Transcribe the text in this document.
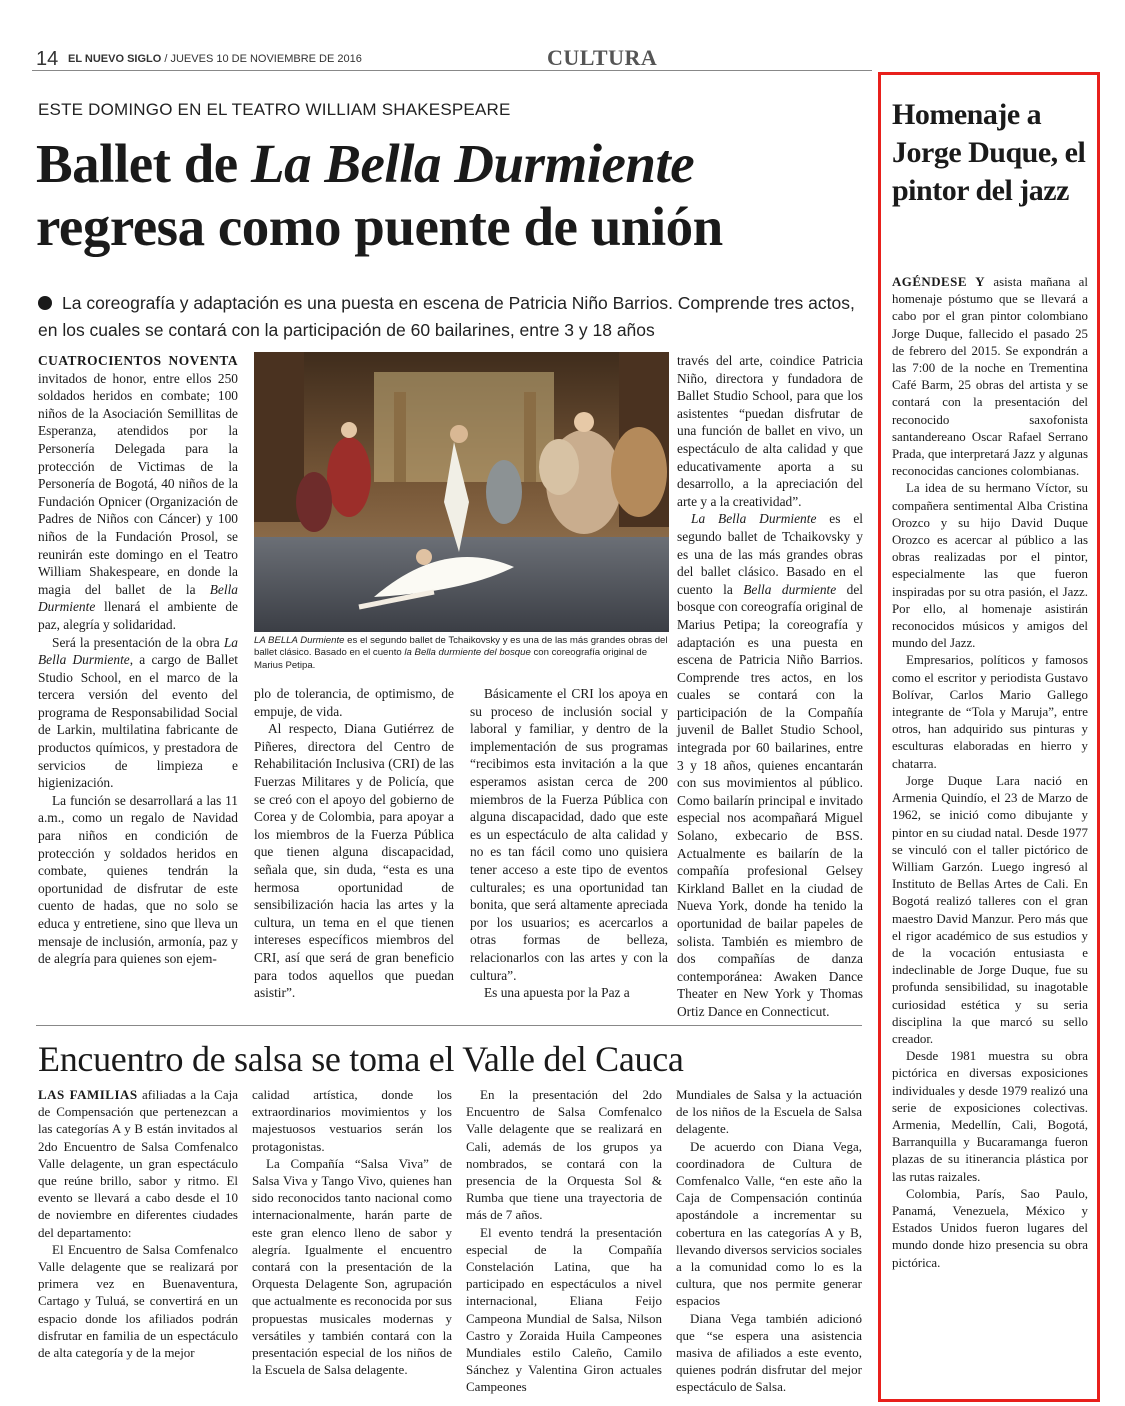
14 EL NUEVO SIGLO / JUEVES 10 DE NOVIEMBRE DE 2016	CULTURA
ESTE DOMINGO EN EL TEATRO WILLIAM SHAKESPEARE
Ballet de La Bella Durmiente
regresa como puente de unión
La coreografía y adaptación es una puesta en escena de Patricia Niño Barrios. Comprende tres actos, en los cuales se contará con la participación de 60 bailarines, entre 3 y 18 años

CUATROCIENTOS NOVENTA invitados de honor, entre ellos 250 soldados heridos en combate; 100 niños de la Asociación Semillitas de Esperanza, atendidos por la Personería Delegada para la protección de Victimas de la Personería de Bogotá, 40 niños de la Fundación Opnicer (Organización de Padres de Niños con Cáncer) y 100 niños de la Fundación Prosol, se reunirán este domingo en el Teatro William Shakespeare, en donde la magia del ballet de la Bella Durmiente llenará el ambiente de paz, alegría y solidaridad.

Será la presentación de la obra La Bella Durmiente, a cargo de Ballet Studio School, en el marco de la tercera versión del evento del programa de Responsabilidad Social de Larkin, multilatina fabricante de productos químicos, y prestadora de servicios de limpieza e higienización.

La función se desarrollará a las 11 a.m., como un regalo de Navidad para niños en condición de protección y soldados heridos en combate, quienes tendrán la oportunidad de disfrutar de este cuento de hadas, que no solo se educa y entretiene, sino que lleva un mensaje de inclusión, armonía, paz y de alegría para quienes son ejem-

LA BELLA Durmiente es el segundo ballet de Tchaikovsky y es una de las más grandes obras del ballet clásico. Basado en el cuento la Bella durmiente del bosque con coreografía original de Marius Petipa.

plo de tolerancia, de optimismo, de empuje, de vida.

Al respecto, Diana Gutiérrez de Piñeres, directora del Centro de Rehabilitación Inclusiva (CRI) de las Fuerzas Militares y de Policía, que se creó con el apoyo del gobierno de Corea y de Colombia, para apoyar a los miembros de la Fuerza Pública que tienen alguna discapacidad, señala que, sin duda, “esta es una hermosa oportunidad de sensibilización hacia las artes y la cultura, un tema en el que tienen intereses específicos miembros del CRI, así que será de gran beneficio para todos aquellos que puedan asistir”.

Básicamente el CRI los apoya en su proceso de inclusión social y laboral y familiar, y dentro de la implementación de sus programas “recibimos esta invitación a la que esperamos asistan cerca de 200 miembros de la Fuerza Pública con alguna discapacidad, dado que este es un espectáculo de alta calidad y no es tan fácil como uno quisiera tener acceso a este tipo de eventos culturales; es una oportunidad tan bonita, que será altamente apreciada por los usuarios; es acercarlos a otras formas de belleza, relacionarlos con las artes y con la cultura”.

Es una apuesta por la Paz a

través del arte, coindice Patricia Niño, directora y fundadora de Ballet Studio School, para que los asistentes “puedan disfrutar de una función de ballet en vivo, un espectáculo de alta calidad y que educativamente aporta a su desarrollo, a la apreciación del arte y a la creatividad”.

La Bella Durmiente es el segundo ballet de Tchaikovsky y es una de las más grandes obras del ballet clásico. Basado en el cuento la Bella durmiente del bosque con coreografía original de Marius Petipa; la coreografía y adaptación es una puesta en escena de Patricia Niño Barrios. Comprende tres actos, en los cuales se contará con la participación de la Compañía juvenil de Ballet Studio School, integrada por 60 bailarines, entre 3 y 18 años, quienes encantarán con sus movimientos al público. Como bailarín principal e invitado especial nos acompañará Miguel Solano, exbecario de BSS. Actualmente es bailarín de la compañía profesional Gelsey Kirkland Ballet en la ciudad de Nueva York, donde ha tenido la oportunidad de bailar papeles de solista. También es miembro de dos compañías de danza contemporánea: Awaken Dance Theater en New York y Thomas Ortiz Dance en Connecticut.

Encuentro de salsa se toma el Valle del Cauca

LAS FAMILIAS afiliadas a la Caja de Compensación que pertenezcan a las categorías A y B están invitados al 2do Encuentro de Salsa Comfenalco Valle delagente, un gran espectáculo que reúne brillo, sabor y ritmo. El evento se llevará a cabo desde el 10 de noviembre en diferentes ciudades del departamento:

El Encuentro de Salsa Comfenalco Valle delagente que se realizará por primera vez en Buenaventura, Cartago y Tuluá, se convertirá en un espacio donde los afiliados podrán disfrutar en familia de un espectáculo de alta categoría y de la mejor

calidad artística, donde los extraordinarios movimientos y los majestuosos vestuarios serán los protagonistas.

La Compañía “Salsa Viva” de Salsa Viva y Tango Vivo, quienes han sido reconocidos tanto nacional como internacionalmente, harán parte de este gran elenco lleno de sabor y alegría. Igualmente el encuentro contará con la presentación de la Orquesta Delagente Son, agrupación que actualmente es reconocida por sus propuestas musicales modernas y versátiles y también contará con la presentación especial de los niños de la Escuela de Salsa delagente.

En la presentación del 2do Encuentro de Salsa Comfenalco Valle delagente que se realizará en Cali, además de los grupos ya nombrados, se contará con la presencia de la Orquesta Sol & Rumba que tiene una trayectoria de más de 7 años.

El evento tendrá la presentación especial de la Compañía Constelación Latina, que ha participado en espectáculos a nivel internacional, Eliana Feijo Campeona Mundial de Salsa, Nilson Castro y Zoraida Huila Campeones Mundiales estilo Caleño, Camilo Sánchez y Valentina Giron actuales Campeones

Mundiales de Salsa y la actuación de los niños de la Escuela de Salsa delagente.

De acuerdo con Diana Vega, coordinadora de Cultura de Comfenalco Valle, “en este año la Caja de Compensación continúa apostándole a incrementar su cobertura en las categorías A y B, llevando diversos servicios sociales a la comunidad como lo es la cultura, que nos permite generar espacios

Diana Vega también adicionó que “se espera una asistencia masiva de afiliados a este evento, quienes podrán disfrutar del mejor espectáculo de Salsa.

Homenaje a Jorge Duque, el pintor del jazz

AGÉNDESE Y asista mañana al homenaje póstumo que se llevará a cabo por el gran pintor colombiano Jorge Duque, fallecido el pasado 25 de febrero del 2015. Se expondrán a las 7:00 de la noche en Trementina Café Barm, 25 obras del artista y se contará con la presentación del reconocido saxofonista santandereano Oscar Rafael Serrano Prada, que interpretará Jazz y algunas reconocidas canciones colombianas.

La idea de su hermano Víctor, su compañera sentimental Alba Cristina Orozco y su hijo David Duque Orozco es acercar al público a las obras realizadas por el pintor, especialmente las que fueron inspiradas por su otra pasión, el Jazz. Por ello, al homenaje asistirán reconocidos músicos y amigos del mundo del Jazz.

Empresarios, políticos y famosos como el escritor y periodista Gustavo Bolívar, Carlos Mario Gallego integrante de “Tola y Maruja”, entre otros, han adquirido sus pinturas y esculturas elaboradas en hierro y chatarra.

Jorge Duque Lara nació en Armenia Quindío, el 23 de Marzo de 1962, se inició como dibujante y pintor en su ciudad natal. Desde 1977 se vinculó con el taller pictórico de William Garzón. Luego ingresó al Instituto de Bellas Artes de Cali. En Bogotá realizó talleres con el gran maestro David Manzur. Pero más que el rigor académico de sus estudios y de la vocación entusiasta e indeclinable de Jorge Duque, fue su profunda sensibilidad, su inagotable curiosidad estética y su seria disciplina la que marcó su sello creador.

Desde 1981 muestra su obra pictórica en diversas exposiciones individuales y desde 1979 realizó una serie de exposiciones colectivas. Armenia, Medellín, Cali, Bogotá, Barranquilla y Bucaramanga fueron plazas de su itinerancia plástica por las rutas raizales.

Colombia, París, Sao Paulo, Panamá, Venezuela, México y Estados Unidos fueron lugares del mundo donde hizo presencia su obra pictórica.
